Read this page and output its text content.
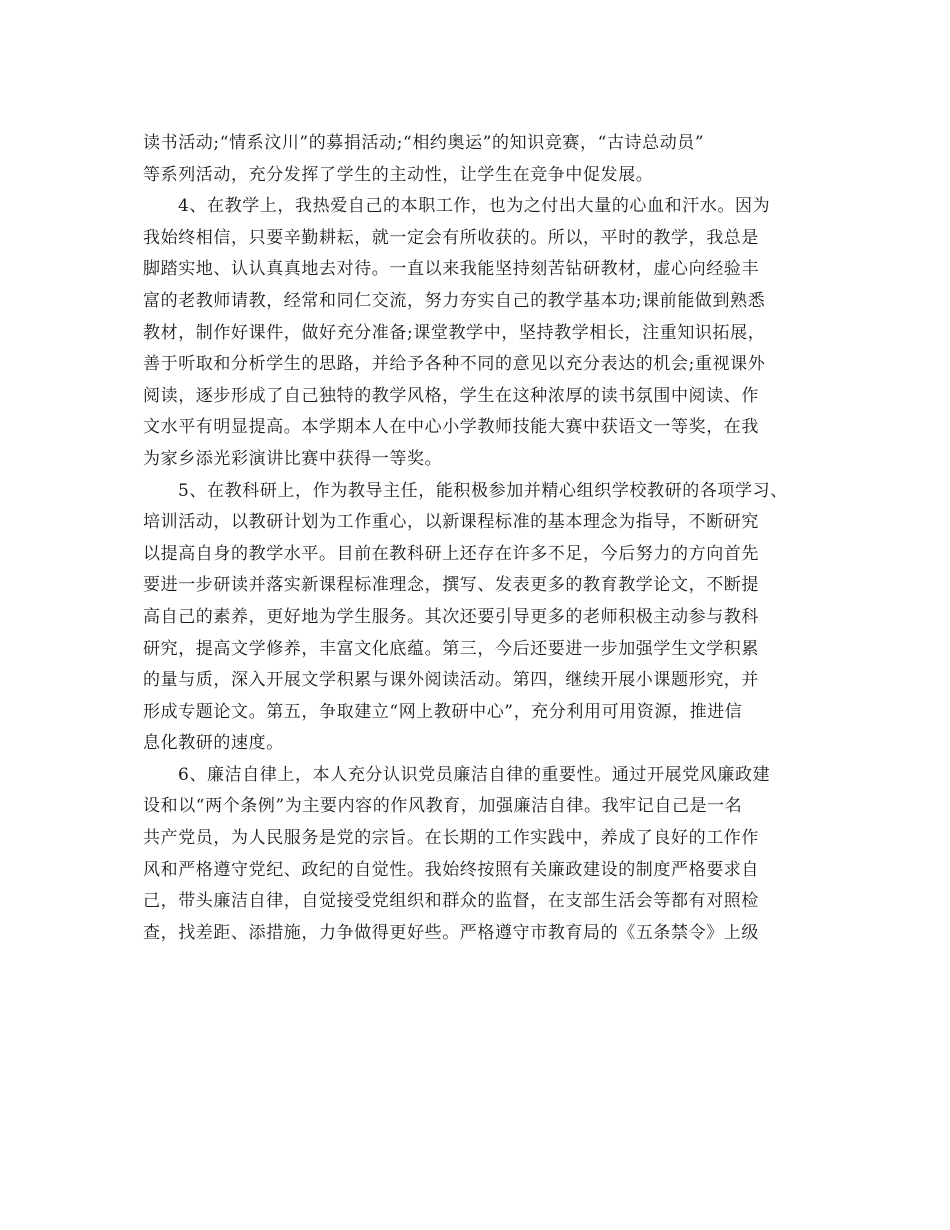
读书活动;“情系汶川”的募捐活动;“相约奥运”的知识竞赛，“古诗总动员”
等系列活动，充分发挥了学生的主动性，让学生在竞争中促发展。
4、在教学上，我热爱自己的本职工作，也为之付出大量的心血和汗水。因为
我始终相信，只要辛勤耕耘，就一定会有所收获的。所以，平时的教学，我总是
脚踏实地、认认真真地去对待。一直以来我能坚持刻苦钻研教材，虚心向经验丰
富的老教师请教，经常和同仁交流，努力夯实自己的教学基本功;课前能做到熟悉
教材，制作好课件，做好充分准备;课堂教学中，坚持教学相长，注重知识拓展，
善于听取和分析学生的思路，并给予各种不同的意见以充分表达的机会;重视课外
阅读，逐步形成了自己独特的教学风格，学生在这种浓厚的读书氛围中阅读、作
文水平有明显提高。本学期本人在中心小学教师技能大赛中获语文一等奖，在我
为家乡添光彩演讲比赛中获得一等奖。
5、在教科研上，作为教导主任，能积极参加并精心组织学校教研的各项学习、
培训活动，以教研计划为工作重心，以新课程标准的基本理念为指导，不断研究
以提高自身的教学水平。目前在教科研上还存在许多不足，今后努力的方向首先
要进一步研读并落实新课程标准理念，撰写、发表更多的教育教学论文，不断提
高自己的素养，更好地为学生服务。其次还要引导更多的老师积极主动参与教科
研究，提高文学修养，丰富文化底蕴。第三，今后还要进一步加强学生文学积累
的量与质，深入开展文学积累与课外阅读活动。第四，继续开展小课题形究，并
形成专题论文。第五，争取建立“网上教研中心”，充分利用可用资源，推进信
息化教研的速度。
6、廉洁自律上，本人充分认识党员廉洁自律的重要性。通过开展党风廉政建
设和以“两个条例”为主要内容的作风教育，加强廉洁自律。我牢记自己是一名
共产党员，为人民服务是党的宗旨。在长期的工作实践中，养成了良好的工作作
风和严格遵守党纪、政纪的自觉性。我始终按照有关廉政建设的制度严格要求自
己，带头廉洁自律，自觉接受党组织和群众的监督，在支部生活会等都有对照检
查，找差距、添措施，力争做得更好些。严格遵守市教育局的《五条禁令》上级
